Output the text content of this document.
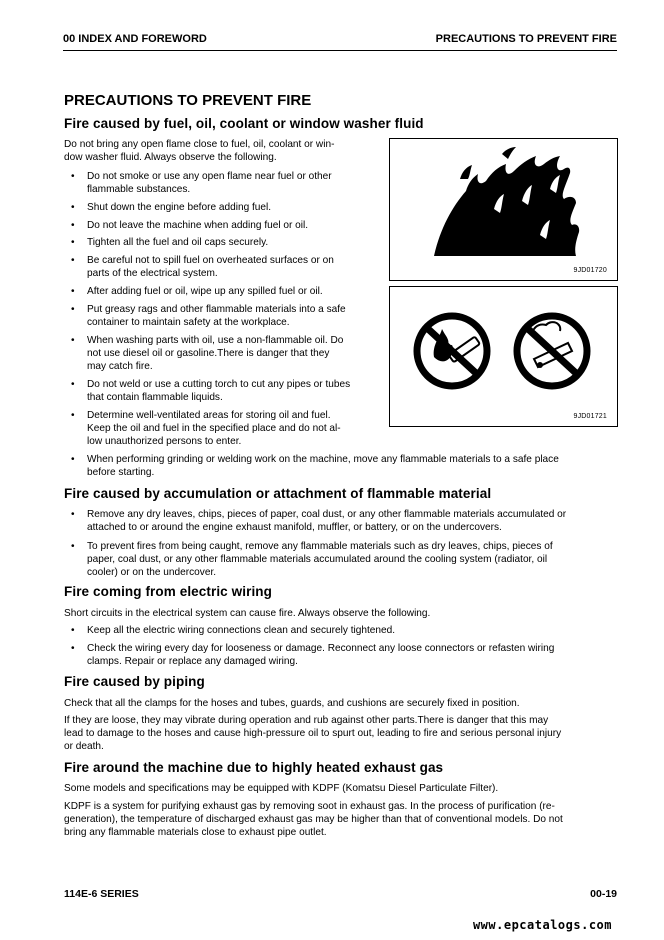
00 INDEX AND FOREWORD	PRECAUTIONS TO PREVENT FIRE
PRECAUTIONS TO PREVENT FIRE
Fire caused by fuel, oil, coolant or window washer fluid

Do not bring any open flame close to fuel, oil, coolant or win-

dow washer fluid. Always observe the following.

• Do not smoke or use any open flame near fuel or other

flammable substances.

• Shut down the engine before adding fuel.

• Do not leave the machine when adding fuel or oil.

• Tighten all the fuel and oil caps securely.

• Be careful not to spill fuel on overheated surfaces or on

parts of the electrical system.

• After adding fuel or oil, wipe up any spilled fuel or oil.

• Put greasy rags and other flammable materials into a safe

container to maintain safety at the workplace.

• When washing parts with oil, use a non-flammable oil. Do

not use diesel oil or gasoline.There is danger that they

may catch fire.

• Do not weld or use a cutting torch to cut any pipes or tubes

that contain flammable liquids.

• Determine well-ventilated areas for storing oil and fuel.

Keep the oil and fuel in the specified place and do not al-

low unauthorized persons to enter.

• When performing grinding or welding work on the machine, move any flammable materials to a safe place

before starting.

9JD01720
9JD01721
Fire caused by accumulation or attachment of flammable material
• Remove any dry leaves, chips, pieces of paper, coal dust, or any other flammable materials accumulated or

attached to or around the engine exhaust manifold, muffler, or battery, or on the undercovers.

• To prevent fires from being caught, remove any flammable materials such as dry leaves, chips, pieces of

paper, coal dust, or any other flammable materials accumulated around the cooling system (radiator, oil

cooler) or on the undercover.

Fire coming from electric wiring

Short circuits in the electrical system can cause fire. Always observe the following.

• Keep all the electric wiring connections clean and securely tightened.

• Check the wiring every day for looseness or damage. Reconnect any loose connectors or refasten wiring

clamps. Repair or replace any damaged wiring.

Fire caused by piping

Check that all the clamps for the hoses and tubes, guards, and cushions are securely fixed in position.

If they are loose, they may vibrate during operation and rub against other parts.There is danger that this may

lead to damage to the hoses and cause high-pressure oil to spurt out, leading to fire and serious personal injury

or death.

Fire around the machine due to highly heated exhaust gas

Some models and specifications may be equipped with KDPF (Komatsu Diesel Particulate Filter).

KDPF is a system for purifying exhaust gas by removing soot in exhaust gas. In the process of purification (re-

generation), the temperature of discharged exhaust gas may be higher than that of conventional models. Do not

bring any flammable materials close to exhaust pipe outlet.

114E-6 SERIES	00-19
www.epcatalogs.com
